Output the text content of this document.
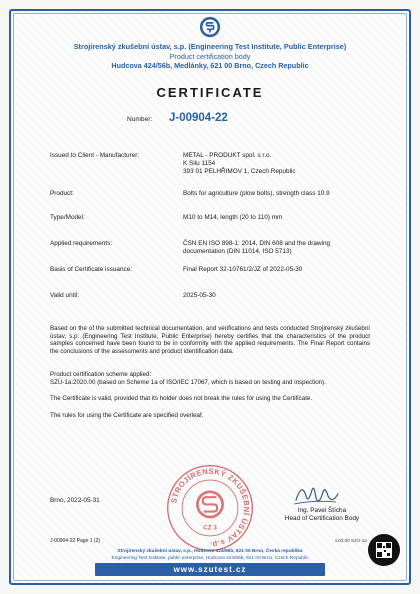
Strojírenský zkušební ústav, s.p. (Engineering Test Institute, Public Enterprise)
Product certification body
Hudcova 424/56b, Medlánky, 621 00 Brno, Czech Republic
CERTIFICATE
Number: J-00904-22
Issued to Client - Manufacturer:	METAL - PRODUKT spol. s r.o.
K Silu 1154
393 01 PELHŘIMOV 1, Czech Republic
Product:	Bolts for agriculture (plow bolts), strength class 10.9
Type/Model:	M10 to M14, length (20 to 110) mm
Applied requirements:	ČSN EN ISO 898-1: 2014, DIN 608 and the drawing
documentation (DIN 11014, ISO 5713)
Basis of Certificate issuance:	Final Report 32-10761/2/JZ of 2022-05-30
Valid until:	2025-05-30
Based on the of the submitted technical documentation, and verifications and tests conducted Strojírenský zkušební ústav, s.p. (Engineering Test Institute, Public Enterprise) hereby certifies that the characteristics of the product samples concerned have been found to be in conformity with the applied requirements. The Final Report contains the conclusions of the assessments and product identification data.
Product certification scheme applied:
SZÚ-1a:2020.00 (based on Scheme 1a of ISO/IEC 17067, which is based on testing and inspection).
The Certificate is valid, provided that its holder does not break the rules for using the Certificate.
The rules for using the Certificate are specified overleaf.
STROJÍRENSKÝ ZKUŠEBNÍ ÚSTAV s.p.
CZ 3
Brno, 2022-05-31
Ing. Pavel Štícha
Head of Certification Body
J-00904-22 Page 1 (2)	v.03.00 SZÚ-1a
Strojírenský zkušební ústav, s.p., Hudcova 424/56b, 621 00 Brno, Česká republika
Engineering Test Institute, public enterprise, Hudcova 424/56b, 621 00 Brno, Czech Republic
www.szutest.cz
